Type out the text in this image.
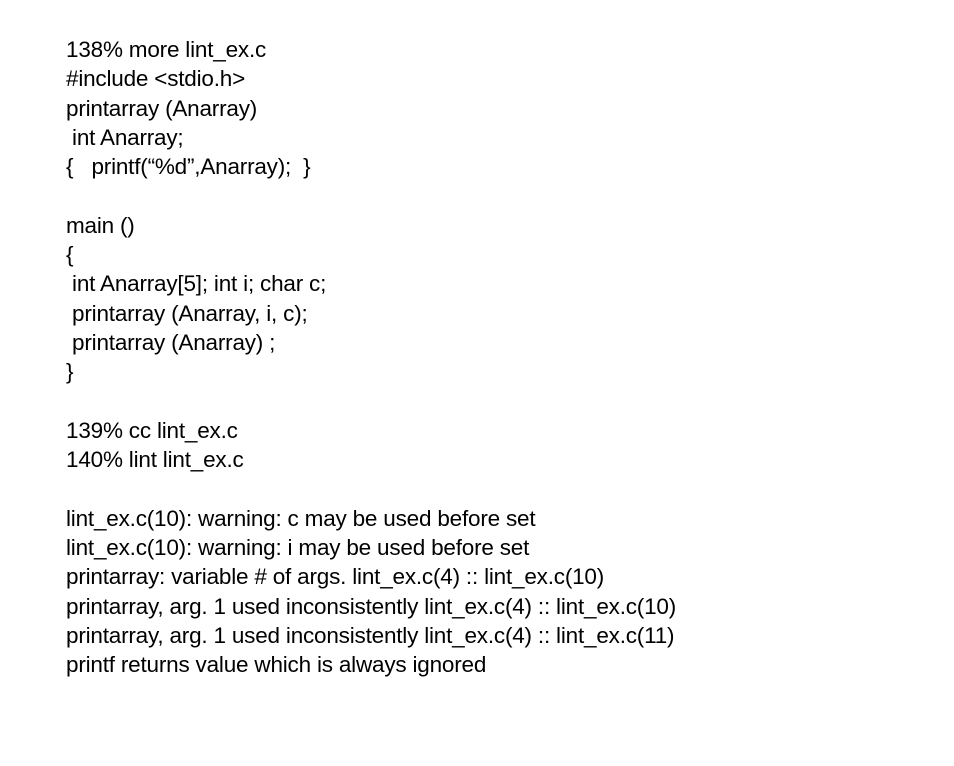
138% more lint_ex.c
#include <stdio.h>
printarray (Anarray)
int Anarray;
{   printf(“%d”,Anarray);  }
main ()
{
int Anarray[5]; int i; char c;
printarray (Anarray, i, c);
printarray (Anarray) ;
}
139% cc lint_ex.c
140% lint lint_ex.c
lint_ex.c(10): warning: c may be used before set
lint_ex.c(10): warning: i may be used before set
printarray: variable # of args. lint_ex.c(4) :: lint_ex.c(10)
printarray, arg. 1 used inconsistently lint_ex.c(4) :: lint_ex.c(10)
printarray, arg. 1 used inconsistently lint_ex.c(4) :: lint_ex.c(11)
printf returns value which is always ignored
